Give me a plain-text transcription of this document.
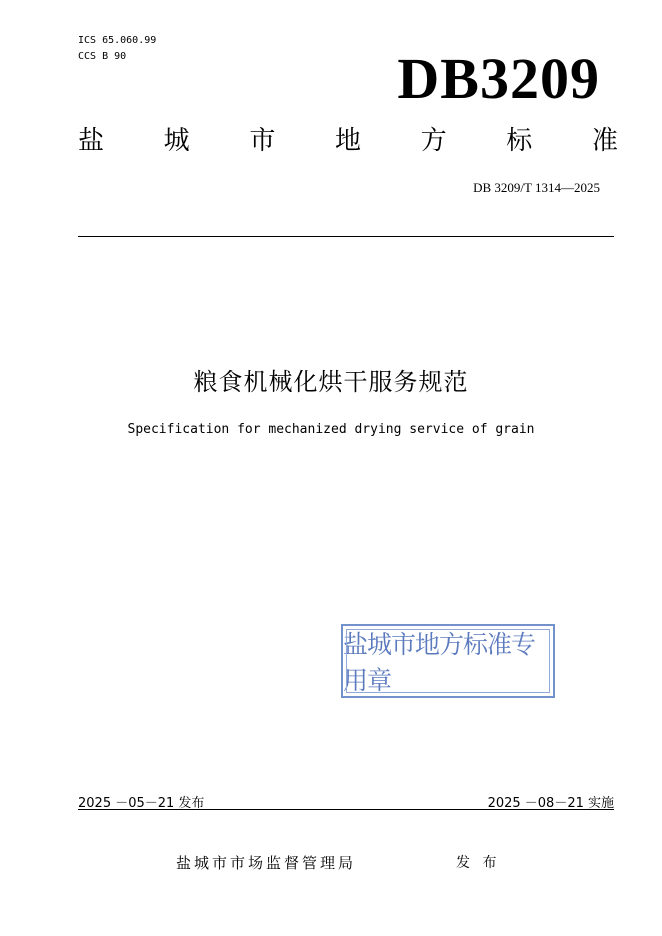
ICS 65.060.99
CCS B 90	DB3209
盐 城 市 地 方 标 准
DB 3209/T 1314—2025
粮食机械化烘干服务规范
Specification for mechanized drying service of grain
盐城市地方标准专用章
2025 －05－21 发布	2025 －08－21 实施
盐城市市场监督管理局	发 布
